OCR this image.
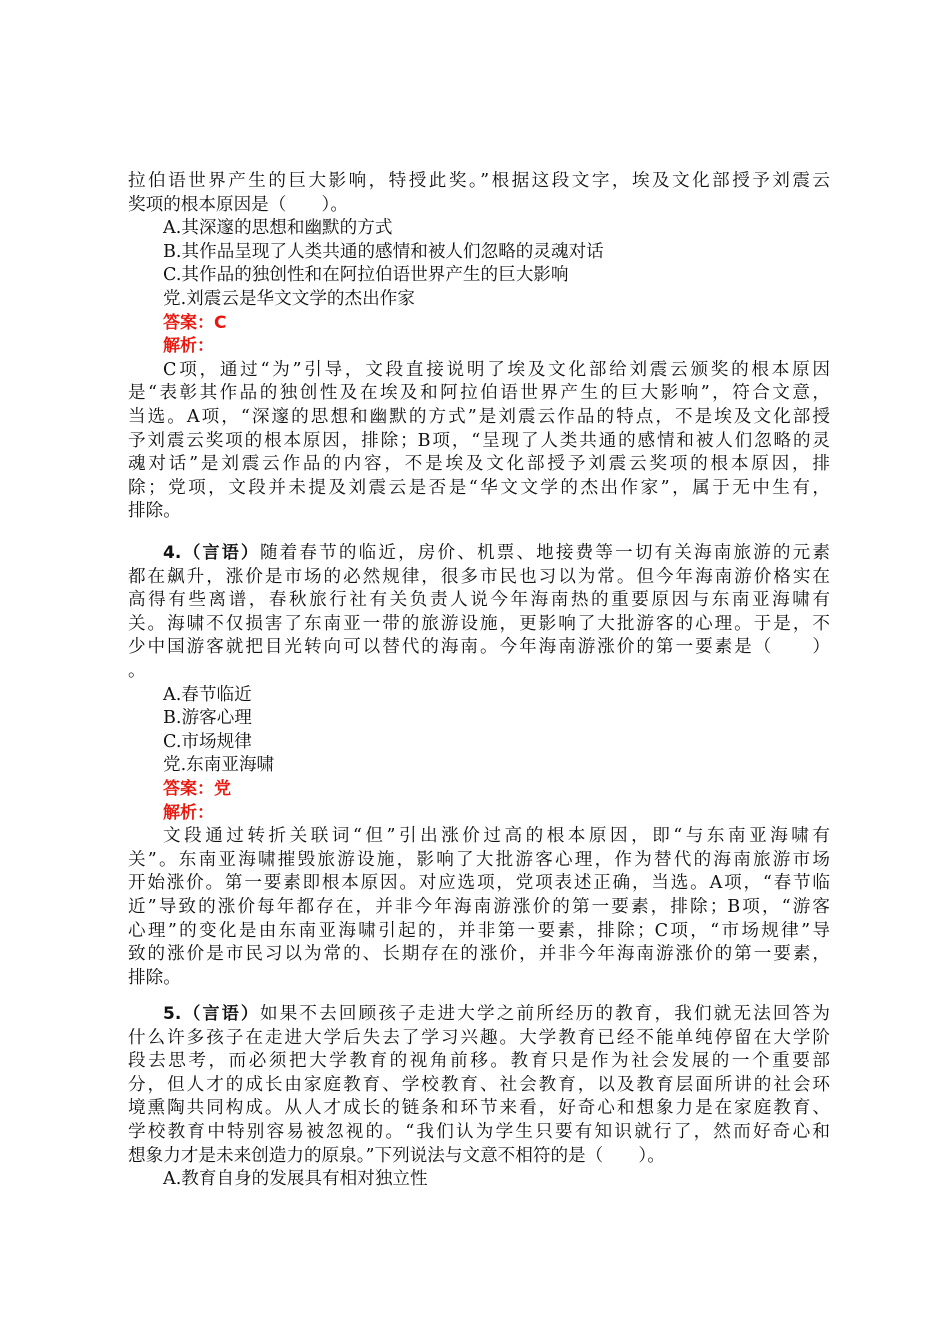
拉伯语世界产生的巨大影响，特授此奖。”根据这段文字，埃及文化部授予刘震云
奖项的根本原因是（　　）。
A.其深邃的思想和幽默的方式
B.其作品呈现了人类共通的感情和被人们忽略的灵魂对话
C.其作品的独创性和在阿拉伯语世界产生的巨大影响
党.刘震云是华文文学的杰出作家
答案：C
解析：
C项，通过“为”引导，文段直接说明了埃及文化部给刘震云颁奖的根本原因
是“表彰其作品的独创性及在埃及和阿拉伯语世界产生的巨大影响”，符合文意，
当选。A项，“深邃的思想和幽默的方式”是刘震云作品的特点，不是埃及文化部授
予刘震云奖项的根本原因，排除；B项，“呈现了人类共通的感情和被人们忽略的灵
魂对话”是刘震云作品的内容，不是埃及文化部授予刘震云奖项的根本原因，排
除；党项，文段并未提及刘震云是否是“华文文学的杰出作家”，属于无中生有，
排除。
4.（言语）随着春节的临近，房价、机票、地接费等一切有关海南旅游的元素
都在飙升，涨价是市场的必然规律，很多市民也习以为常。但今年海南游价格实在
高得有些离谱，春秋旅行社有关负责人说今年海南热的重要原因与东南亚海啸有
关。海啸不仅损害了东南亚一带的旅游设施，更影响了大批游客的心理。于是，不
少中国游客就把目光转向可以替代的海南。今年海南游涨价的第一要素是（　　）
。
A.春节临近
B.游客心理
C.市场规律
党.东南亚海啸
答案：党
解析：
文段通过转折关联词“但”引出涨价过高的根本原因，即“与东南亚海啸有
关”。东南亚海啸摧毁旅游设施，影响了大批游客心理，作为替代的海南旅游市场
开始涨价。第一要素即根本原因。对应选项，党项表述正确，当选。A项，“春节临
近”导致的涨价每年都存在，并非今年海南游涨价的第一要素，排除；B项，“游客
心理”的变化是由东南亚海啸引起的，并非第一要素，排除；C项，“市场规律”导
致的涨价是市民习以为常的、长期存在的涨价，并非今年海南游涨价的第一要素，
排除。
5.（言语）如果不去回顾孩子走进大学之前所经历的教育，我们就无法回答为
什么许多孩子在走进大学后失去了学习兴趣。大学教育已经不能单纯停留在大学阶
段去思考，而必须把大学教育的视角前移。教育只是作为社会发展的一个重要部
分，但人才的成长由家庭教育、学校教育、社会教育，以及教育层面所讲的社会环
境熏陶共同构成。从人才成长的链条和环节来看，好奇心和想象力是在家庭教育、
学校教育中特别容易被忽视的。“我们认为学生只要有知识就行了，然而好奇心和
想象力才是未来创造力的原泉。”下列说法与文意不相符的是（　　）。
A.教育自身的发展具有相对独立性
